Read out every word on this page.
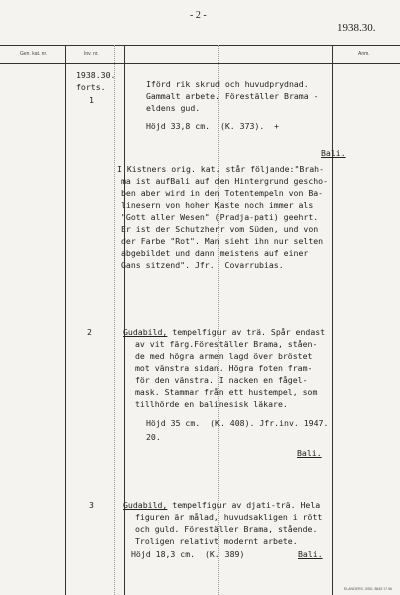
- 2 -
1938.30.
Gen. kat. nr.	Inv. nr.	Anm.
1938.30.
forts.
1
Iförd rik skrud och huvudprydnad.
Gammalt arbete. Föreställer Brama -
eldens gud.
Höjd 33,8 cm.  (K. 373).  +
Bali.
I Kistners orig. kat. står följande:"Brah-
ma ist aufBali auf den Hintergrund gescho-
ben aber wird in den Totentempeln von Ba-
linesern von hoher Kaste noch immer als
"Gott aller Wesen" (Pradja-pati) geehrt.
Er ist der Schutzherr vom Süden, und von
der Farbe "Rot". Man sieht ihn nur selten
abgebildet und dann meistens auf einer
Gans sitzend". Jfr.  Covarrubias.
2	Gudabild, tempelfigur av trä. Spår endast
av vit färg.Föreställer Brama, ståen-
de med högra armen lagd över bröstet
mot vänstra sidan. Högra foten fram-
för den vänstra. I nacken en fågel-
mask. Stammar från ett hustempel, som
tillhörde en balinesisk läkare.
Höjd 35 cm.  (K. 408). Jfr.inv. 1947.
20.
Bali.
3	Gudabild, tempelfigur av djati-trä. Hela
figuren är målad, huvudsakligen i rött
och guld. Föreställer Brama, stående.
Troligen relativt modernt arbete.
Höjd 18,3 cm.  (K. 389)	Bali.
ELANDERS, GBG. 8845 17.56
